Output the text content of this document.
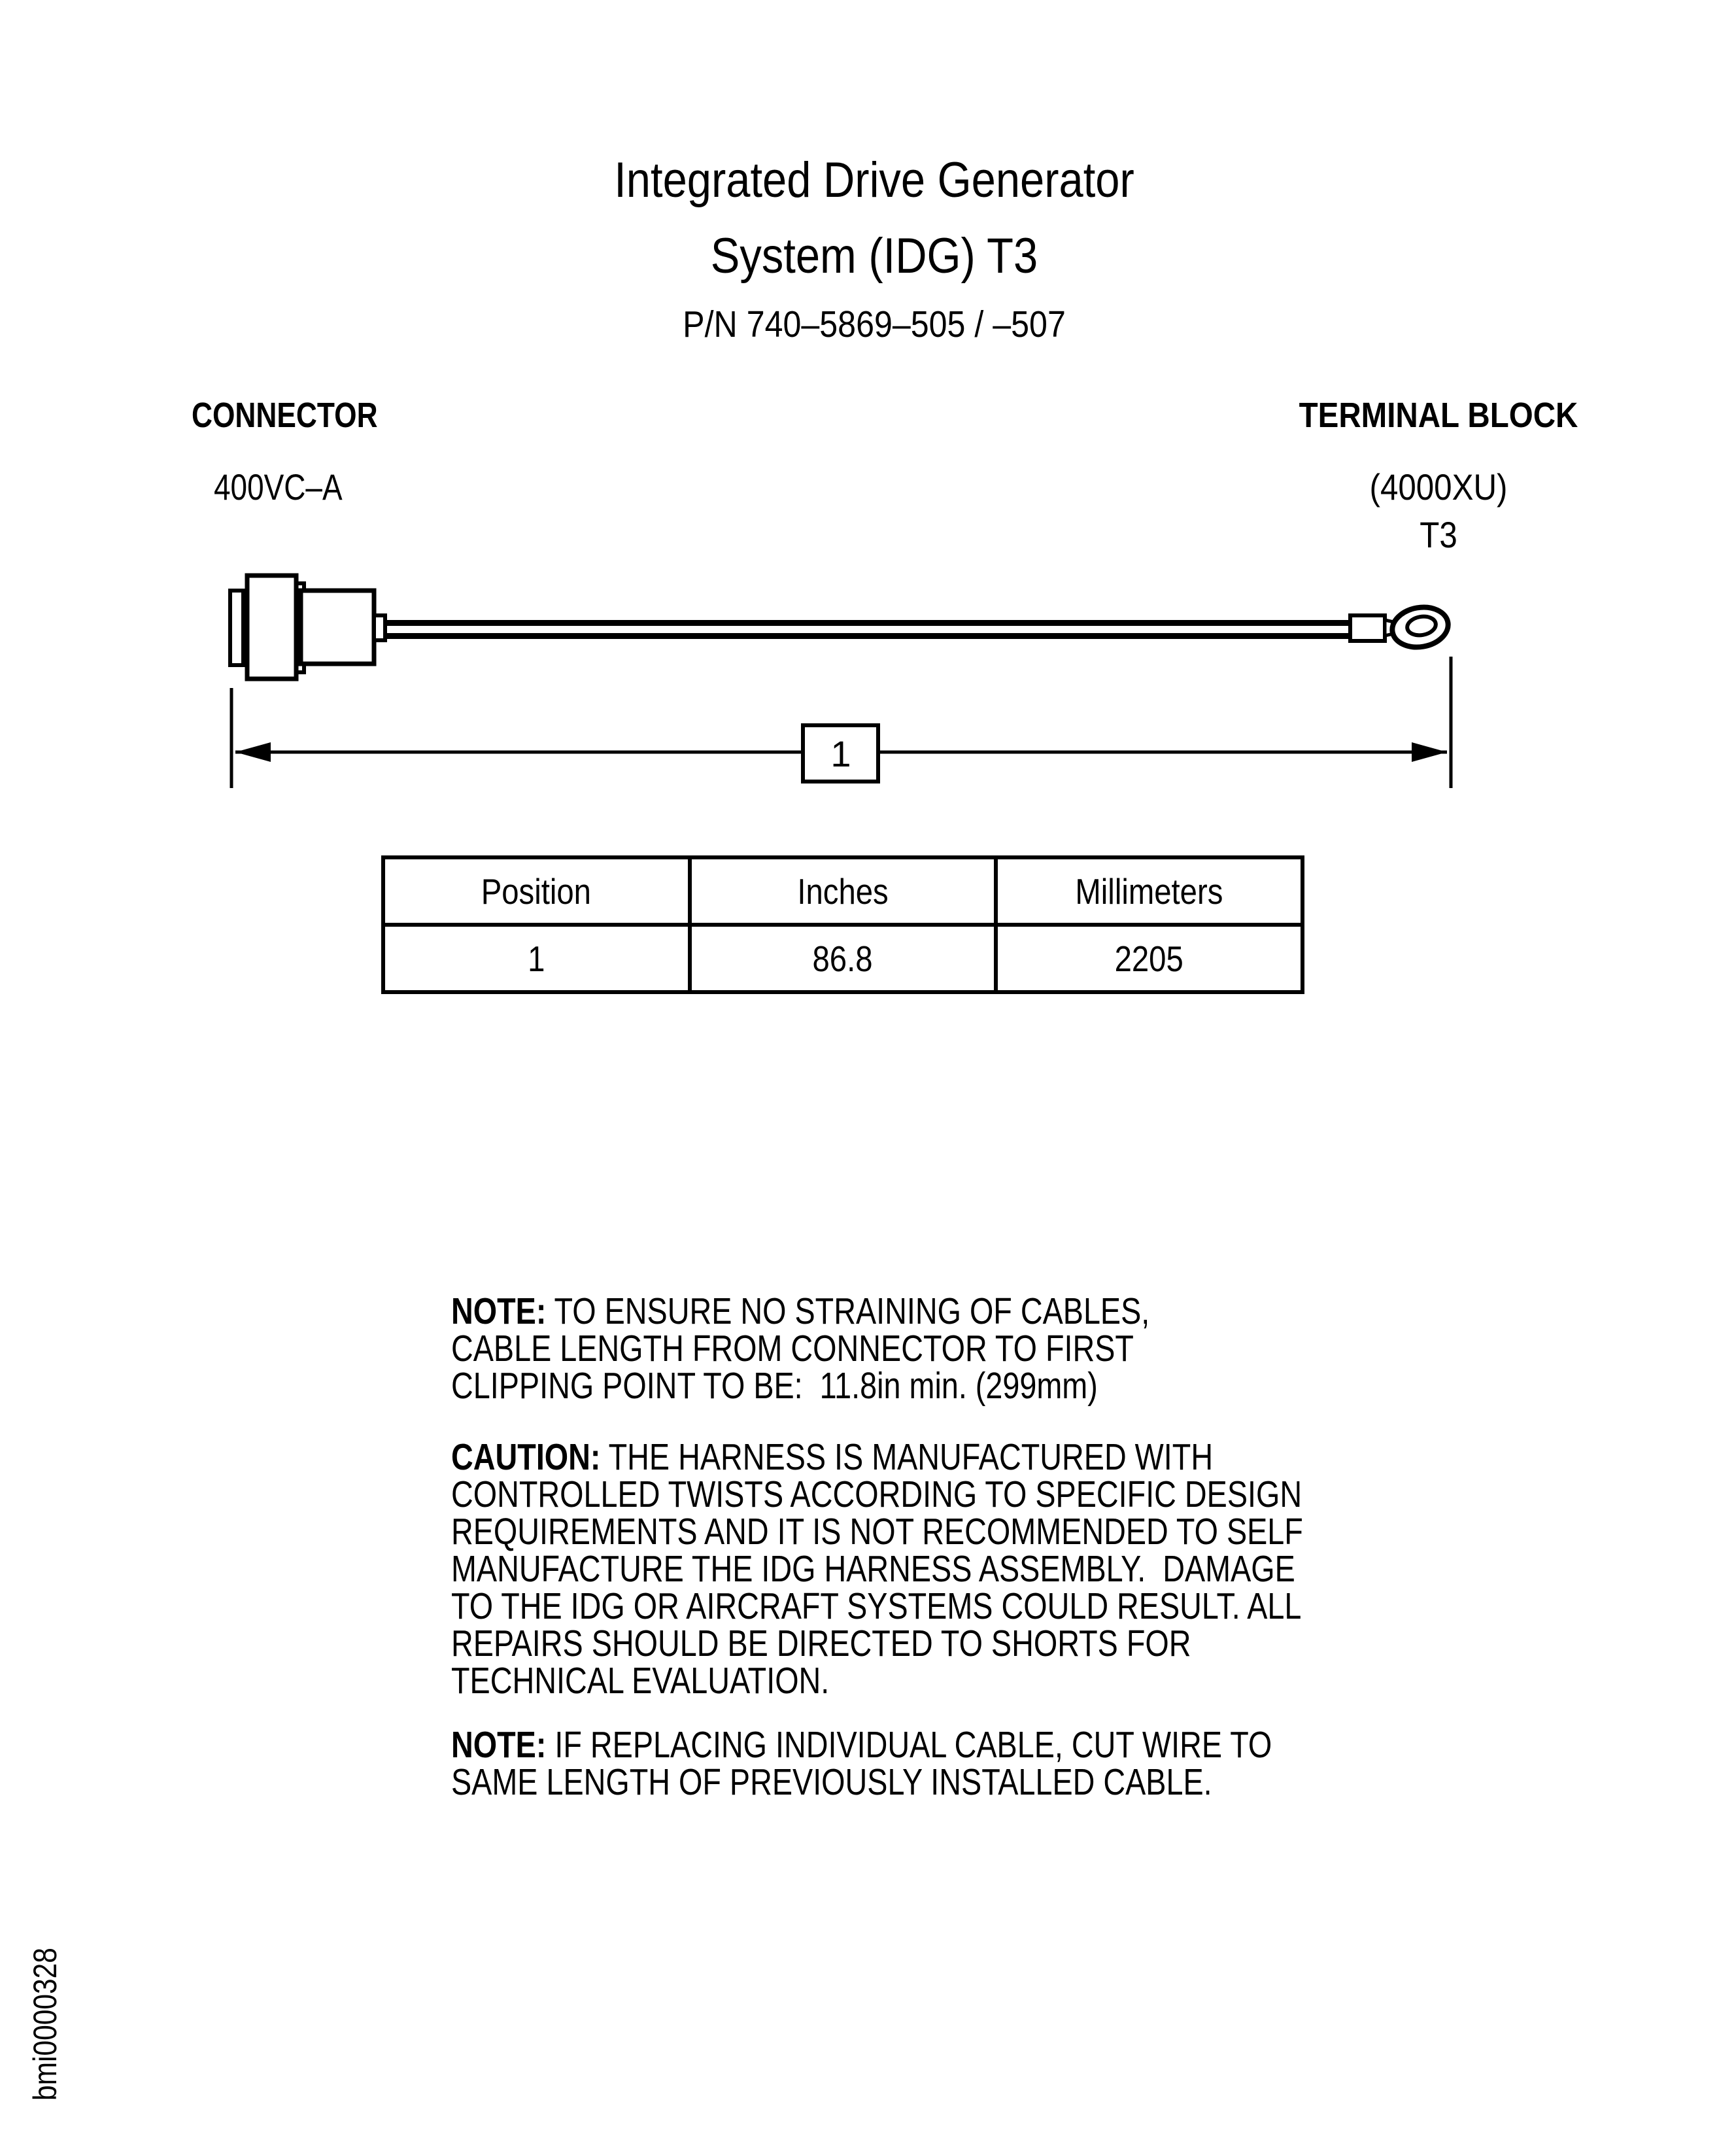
Integrated Drive Generator
System (IDG) T3
P/N 740–5869–505 / –507
CONNECTOR
400VC–A
TERMINAL BLOCK
(4000XU)
T3
1
Position	Inches	Millimeters
1	86.8	2205
NOTE: TO ENSURE NO STRAINING OF CABLES,
CABLE LENGTH FROM CONNECTOR TO FIRST
CLIPPING POINT TO BE:  11.8in min. (299mm)
CAUTION: THE HARNESS IS MANUFACTURED WITH
CONTROLLED TWISTS ACCORDING TO SPECIFIC DESIGN
REQUIREMENTS AND IT IS NOT RECOMMENDED TO SELF
MANUFACTURE THE IDG HARNESS ASSEMBLY.  DAMAGE
TO THE IDG OR AIRCRAFT SYSTEMS COULD RESULT. ALL
REPAIRS SHOULD BE DIRECTED TO SHORTS FOR
TECHNICAL EVALUATION.
NOTE: IF REPLACING INDIVIDUAL CABLE, CUT WIRE TO
SAME LENGTH OF PREVIOUSLY INSTALLED CABLE.
bmi0000328
